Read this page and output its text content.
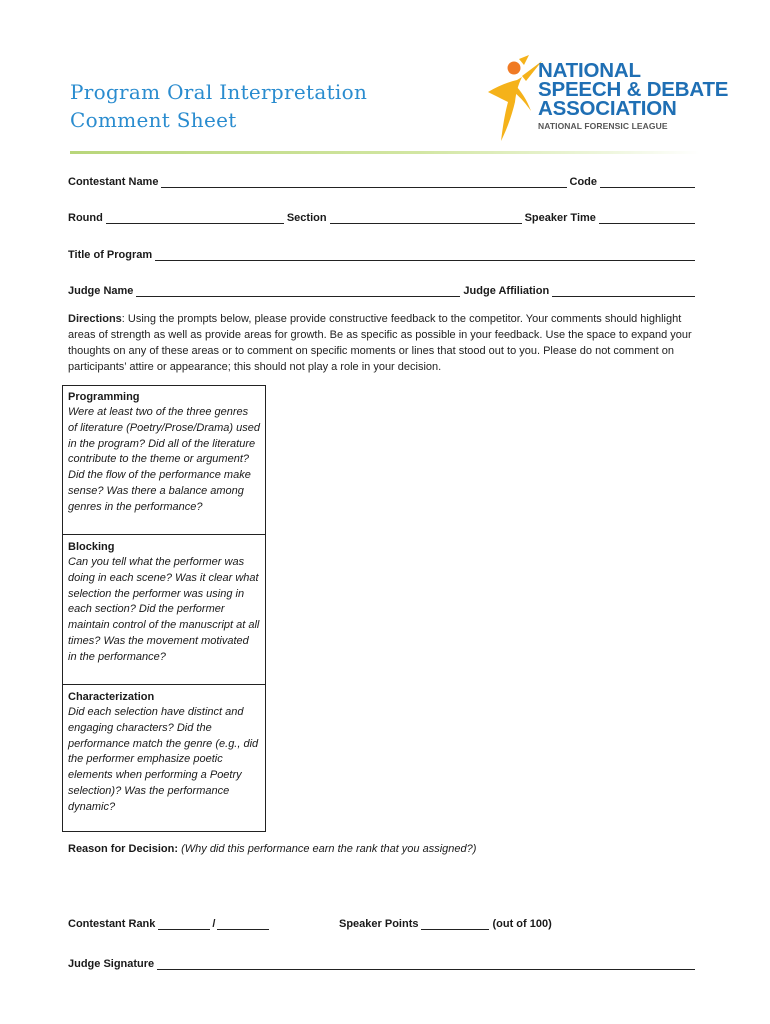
Program Oral Interpretation
Comment Sheet
NATIONAL
SPEECH & DEBATE
ASSOCIATION
NATIONAL FORENSIC LEAGUE
Contestant Name	Code
Round	Section	Speaker Time
Title of Program
Judge Name	Judge Affiliation
Directions: Using the prompts below, please provide constructive feedback to the competitor. Your comments should highlight areas of strength as well as provide areas for growth. Be as specific as possible in your feedback. Use the space to expand your thoughts on any of these areas or to comment on specific moments or lines that stood out to you. Please do not comment on participants’ attire or appearance; this should not play a role in your decision.
Programming
Were at least two of the three genres of literature (Poetry/Prose/Drama) used in the program? Did all of the literature contribute to the theme or argument? Did the flow of the performance make sense? Was there a balance among genres in the performance?
Blocking
Can you tell what the performer was doing in each scene? Was it clear what selection the performer was using in each section? Did the performer maintain control of the manuscript at all times? Was the movement motivated in the performance?
Characterization
Did each selection have distinct and engaging characters? Did the performance match the genre (e.g., did the performer emphasize poetic elements when performing a Poetry selection)? Was the performance dynamic?
Reason for Decision: (Why did this performance earn the rank that you assigned?)
Contestant Rank	/	Speaker Points	(out of 100)
Judge Signature
